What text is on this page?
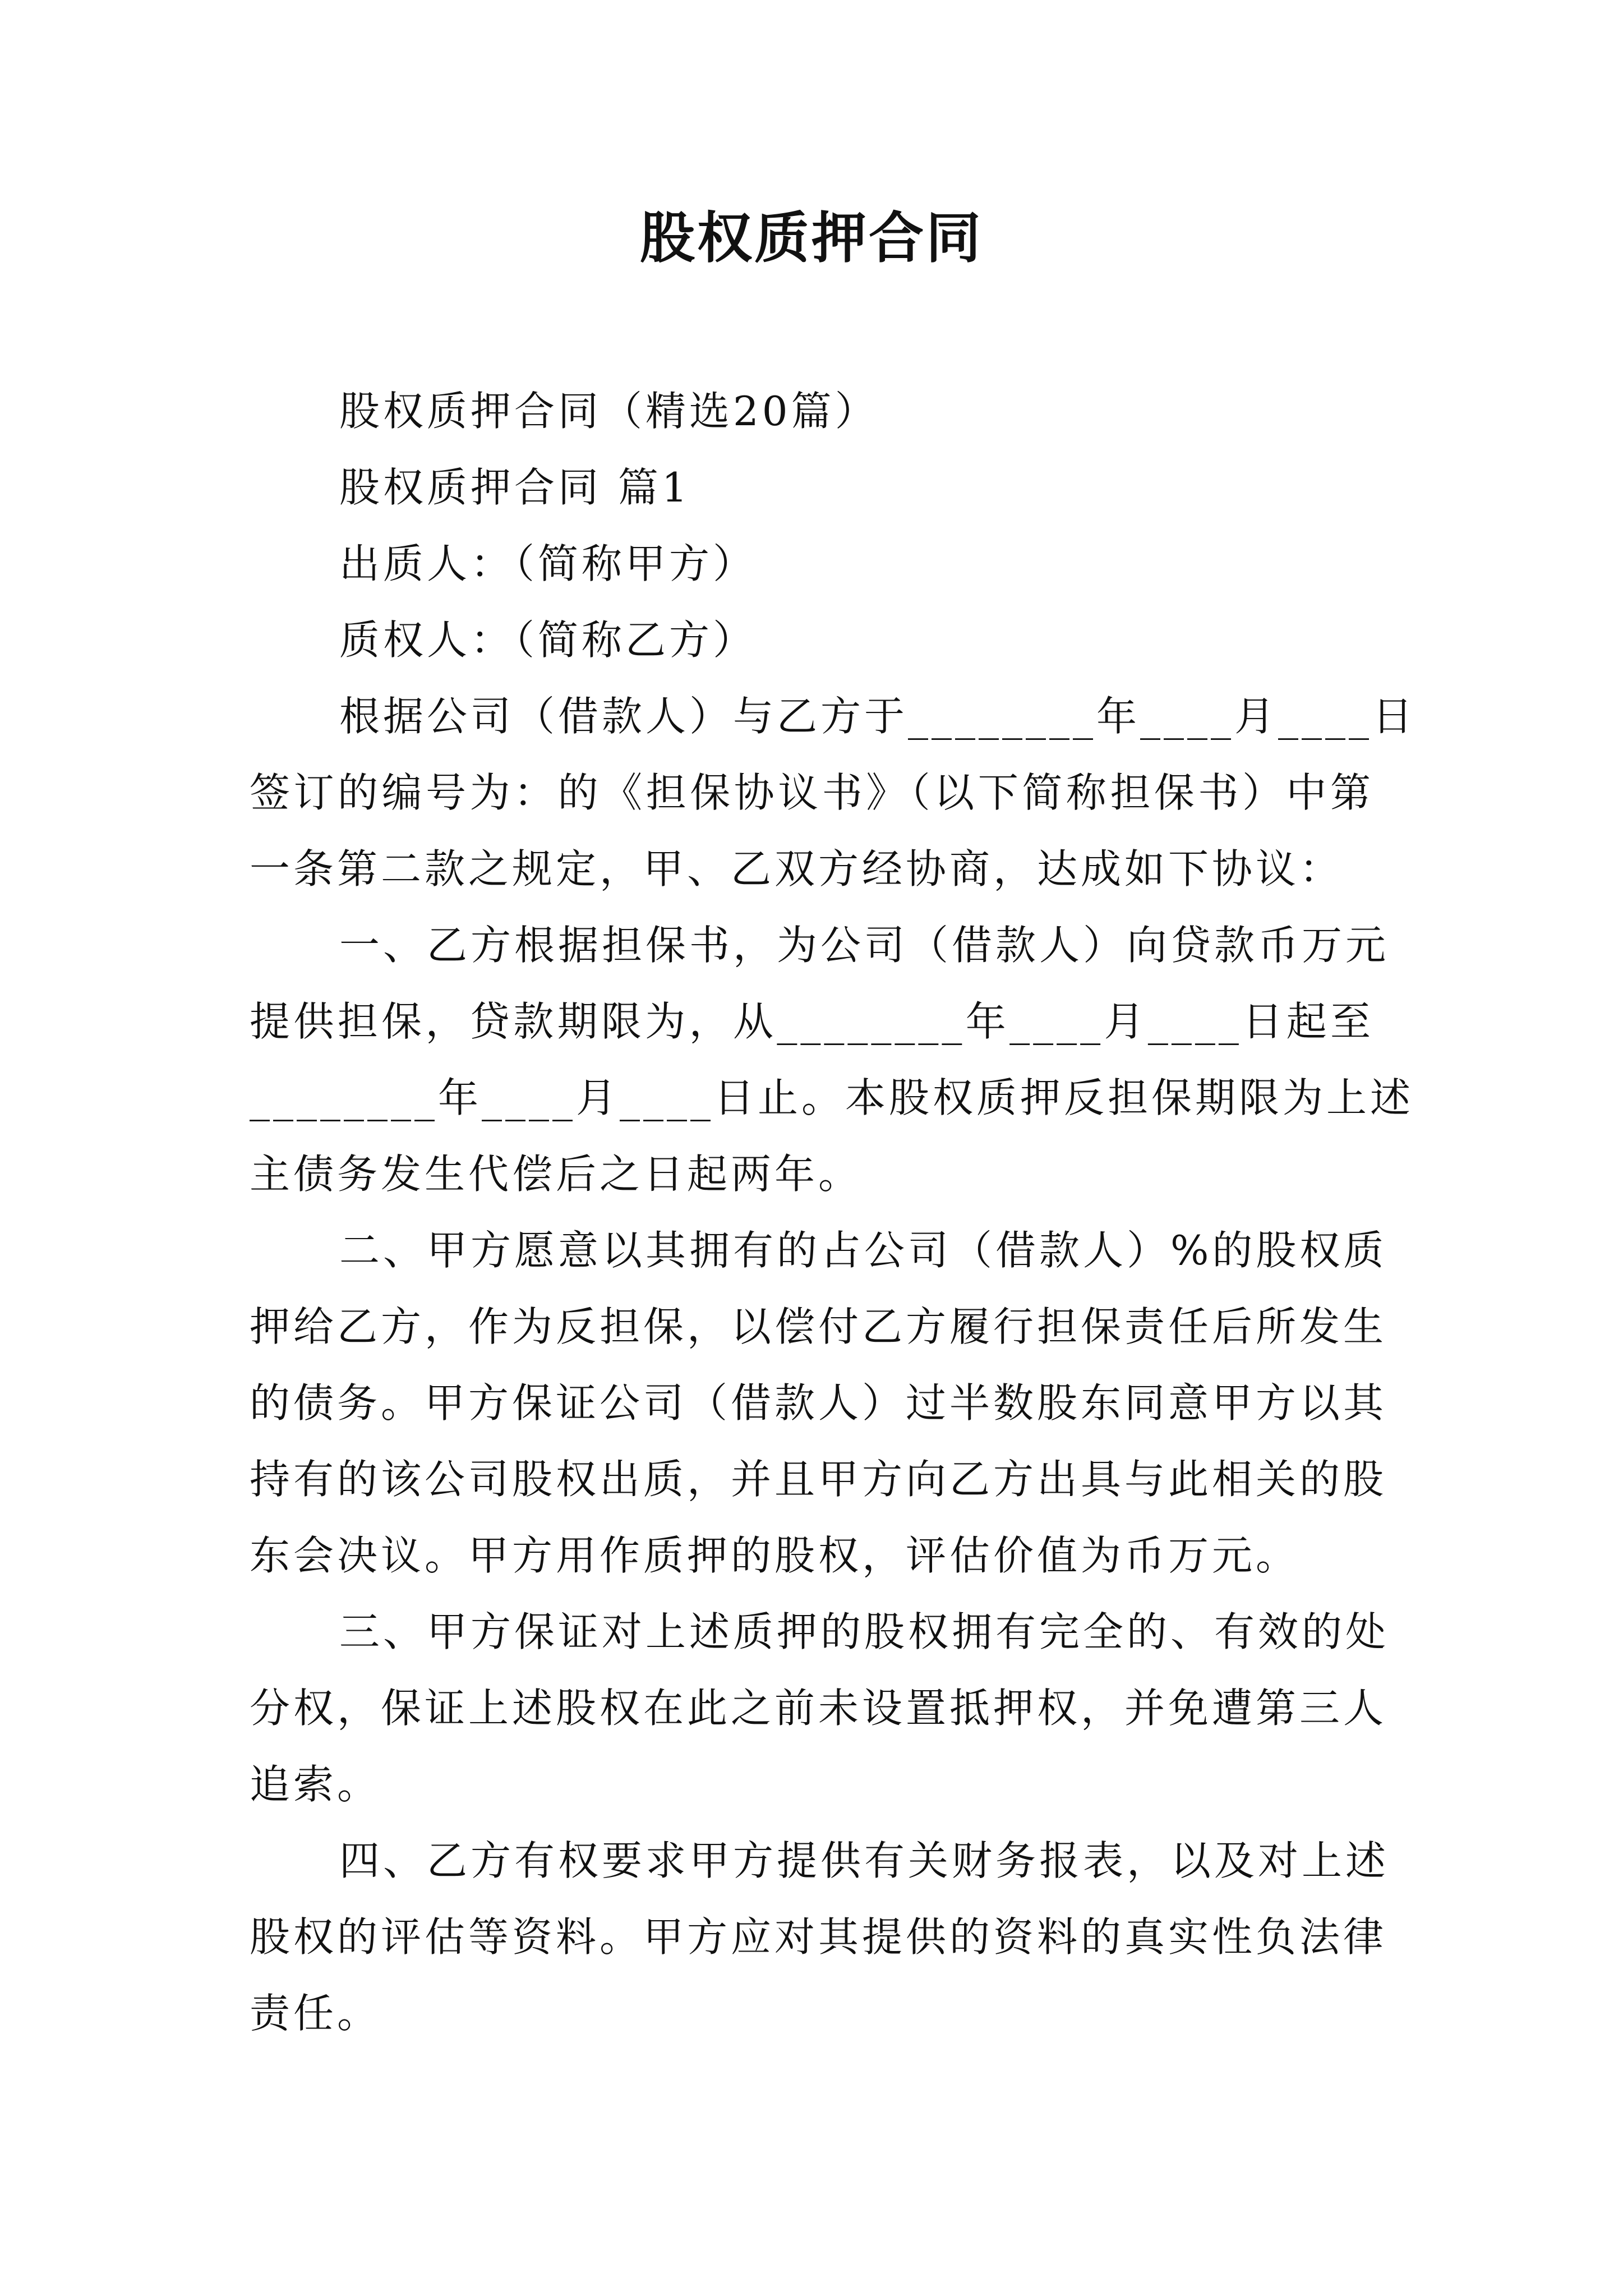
股权质押合同
股权质押合同（精选20篇）
股权质押合同 篇1
出质人：（简称甲方）
质权人：（简称乙方）
根据公司（借款人）与乙方于________年____月____日
签订的编号为：的《担保协议书》（以下简称担保书）中第
一条第二款之规定，甲、乙双方经协商，达成如下协议：
一、乙方根据担保书，为公司（借款人）向贷款币万元
提供担保，贷款期限为，从________年____月____日起至
________年____月____日止。本股权质押反担保期限为上述
主债务发生代偿后之日起两年。
二、甲方愿意以其拥有的占公司（借款人）%的股权质
押给乙方，作为反担保，以偿付乙方履行担保责任后所发生
的债务。甲方保证公司（借款人）过半数股东同意甲方以其
持有的该公司股权出质，并且甲方向乙方出具与此相关的股
东会决议。甲方用作质押的股权，评估价值为币万元。
三、甲方保证对上述质押的股权拥有完全的、有效的处
分权，保证上述股权在此之前未设置抵押权，并免遭第三人
追索。
四、乙方有权要求甲方提供有关财务报表，以及对上述
股权的评估等资料。甲方应对其提供的资料的真实性负法律
责任。
